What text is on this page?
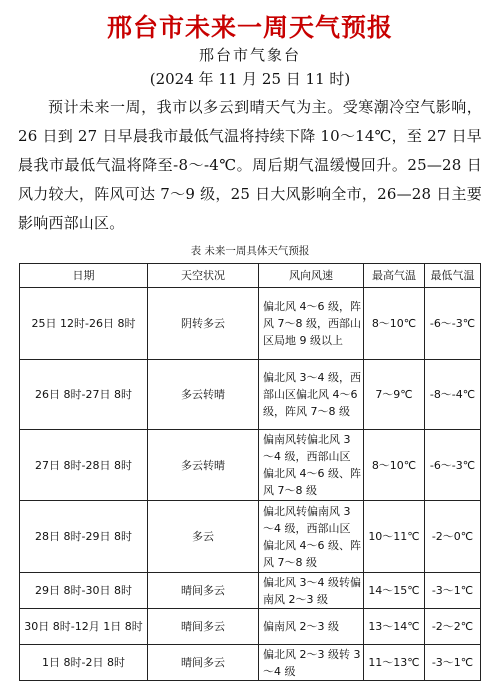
邢台市未来一周天气预报
邢台市气象台
(2024 年 11 月 25 日 11 时)
预计未来一周，我市以多云到晴天气为主。受寒潮冷空气影响，26 日到 27 日早晨我市最低气温将持续下降 10～14℃，至 27 日早晨我市最低气温将降至-8～-4℃。周后期气温缓慢回升。25—28 日风力较大，阵风可达 7～9 级，25 日大风影响全市，26—28 日主要影响西部山区。
表 未来一周具体天气预报
日期	天空状况	风向风速	最高气温	最低气温
25日 12时-26日 8时	阴转多云	偏北风 4～6 级，阵风 7～8 级，西部山区局地 9 级以上	8～10℃	-6～-3℃
26日 8时-27日 8时	多云转晴	偏北风 3～4 级，西部山区偏北风 4～6 级，阵风 7～8 级	7～9℃	-8～-4℃
27日 8时-28日 8时	多云转晴	偏南风转偏北风 3～4 级，西部山区偏北风 4～6 级、阵风 7～8 级	8～10℃	-6～-3℃
28日 8时-29日 8时	多云	偏北风转偏南风 3～4 级，西部山区偏北风 4～6 级、阵风 7～8 级	10～11℃	-2～0℃
29日 8时-30日 8时	晴间多云	偏北风 3～4 级转偏南风 2～3 级	14～15℃	-3～1℃
30日 8时-12月 1日 8时	晴间多云	偏南风 2～3 级	13～14℃	-2～2℃
1日 8时-2日 8时	晴间多云	偏北风 2～3 级转 3～4 级	11～13℃	-3～1℃
